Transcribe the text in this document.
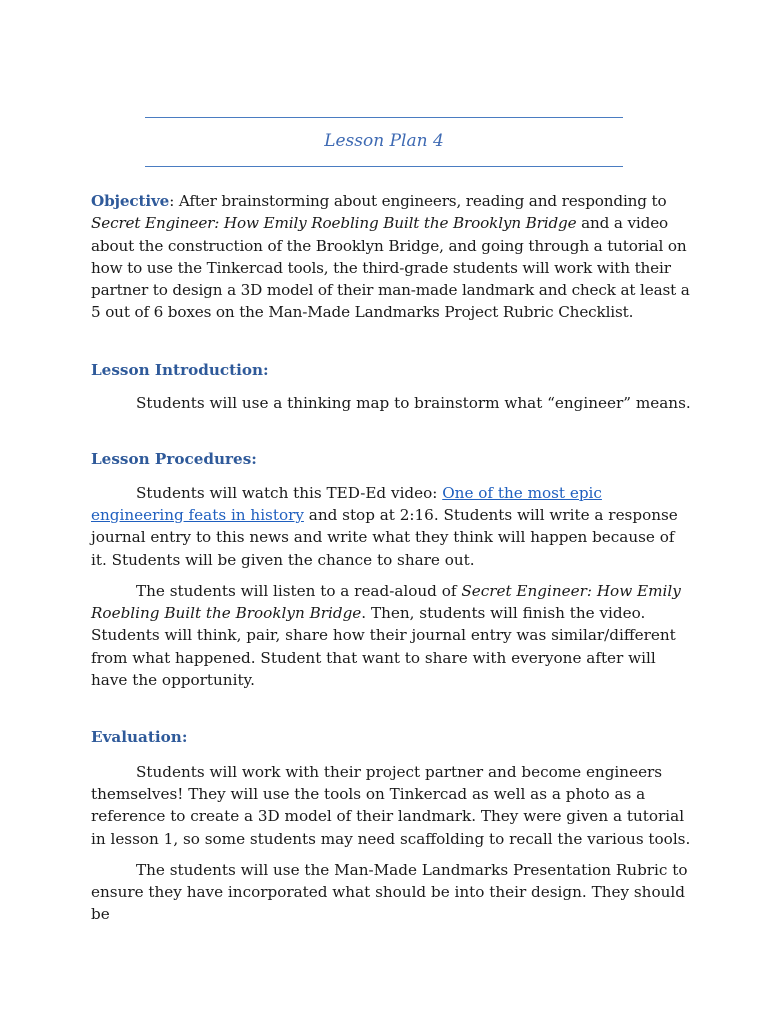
Lesson Plan 4

Objective: After brainstorming about engineers, reading and responding to Secret Engineer: How Emily Roebling Built the Brooklyn Bridge and a video about the construction of the Brooklyn Bridge, and going through a tutorial on how to use the Tinkercad tools, the third-grade students will work with their partner to design a 3D model of their man-made landmark and check at least a 5 out of 6 boxes on the Man-Made Landmarks Project Rubric Checklist.

Lesson Introduction:

Students will use a thinking map to brainstorm what “engineer” means.

Lesson Procedures:

Students will watch this TED-Ed video: One of the most epic engineering feats in history and stop at 2:16. Students will write a response journal entry to this news and write what they think will happen because of it. Students will be given the chance to share out.

The students will listen to a read-aloud of Secret Engineer: How Emily Roebling Built the Brooklyn Bridge. Then, students will finish the video. Students will think, pair, share how their journal entry was similar/different from what happened. Student that want to share with everyone after will have the opportunity.

Evaluation:

Students will work with their project partner and become engineers themselves! They will use the tools on Tinkercad as well as a photo as a reference to create a 3D model of their landmark. They were given a tutorial in lesson 1, so some students may need scaffolding to recall the various tools.

The students will use the Man-Made Landmarks Presentation Rubric to ensure they have incorporated what should be into their design. They should be
